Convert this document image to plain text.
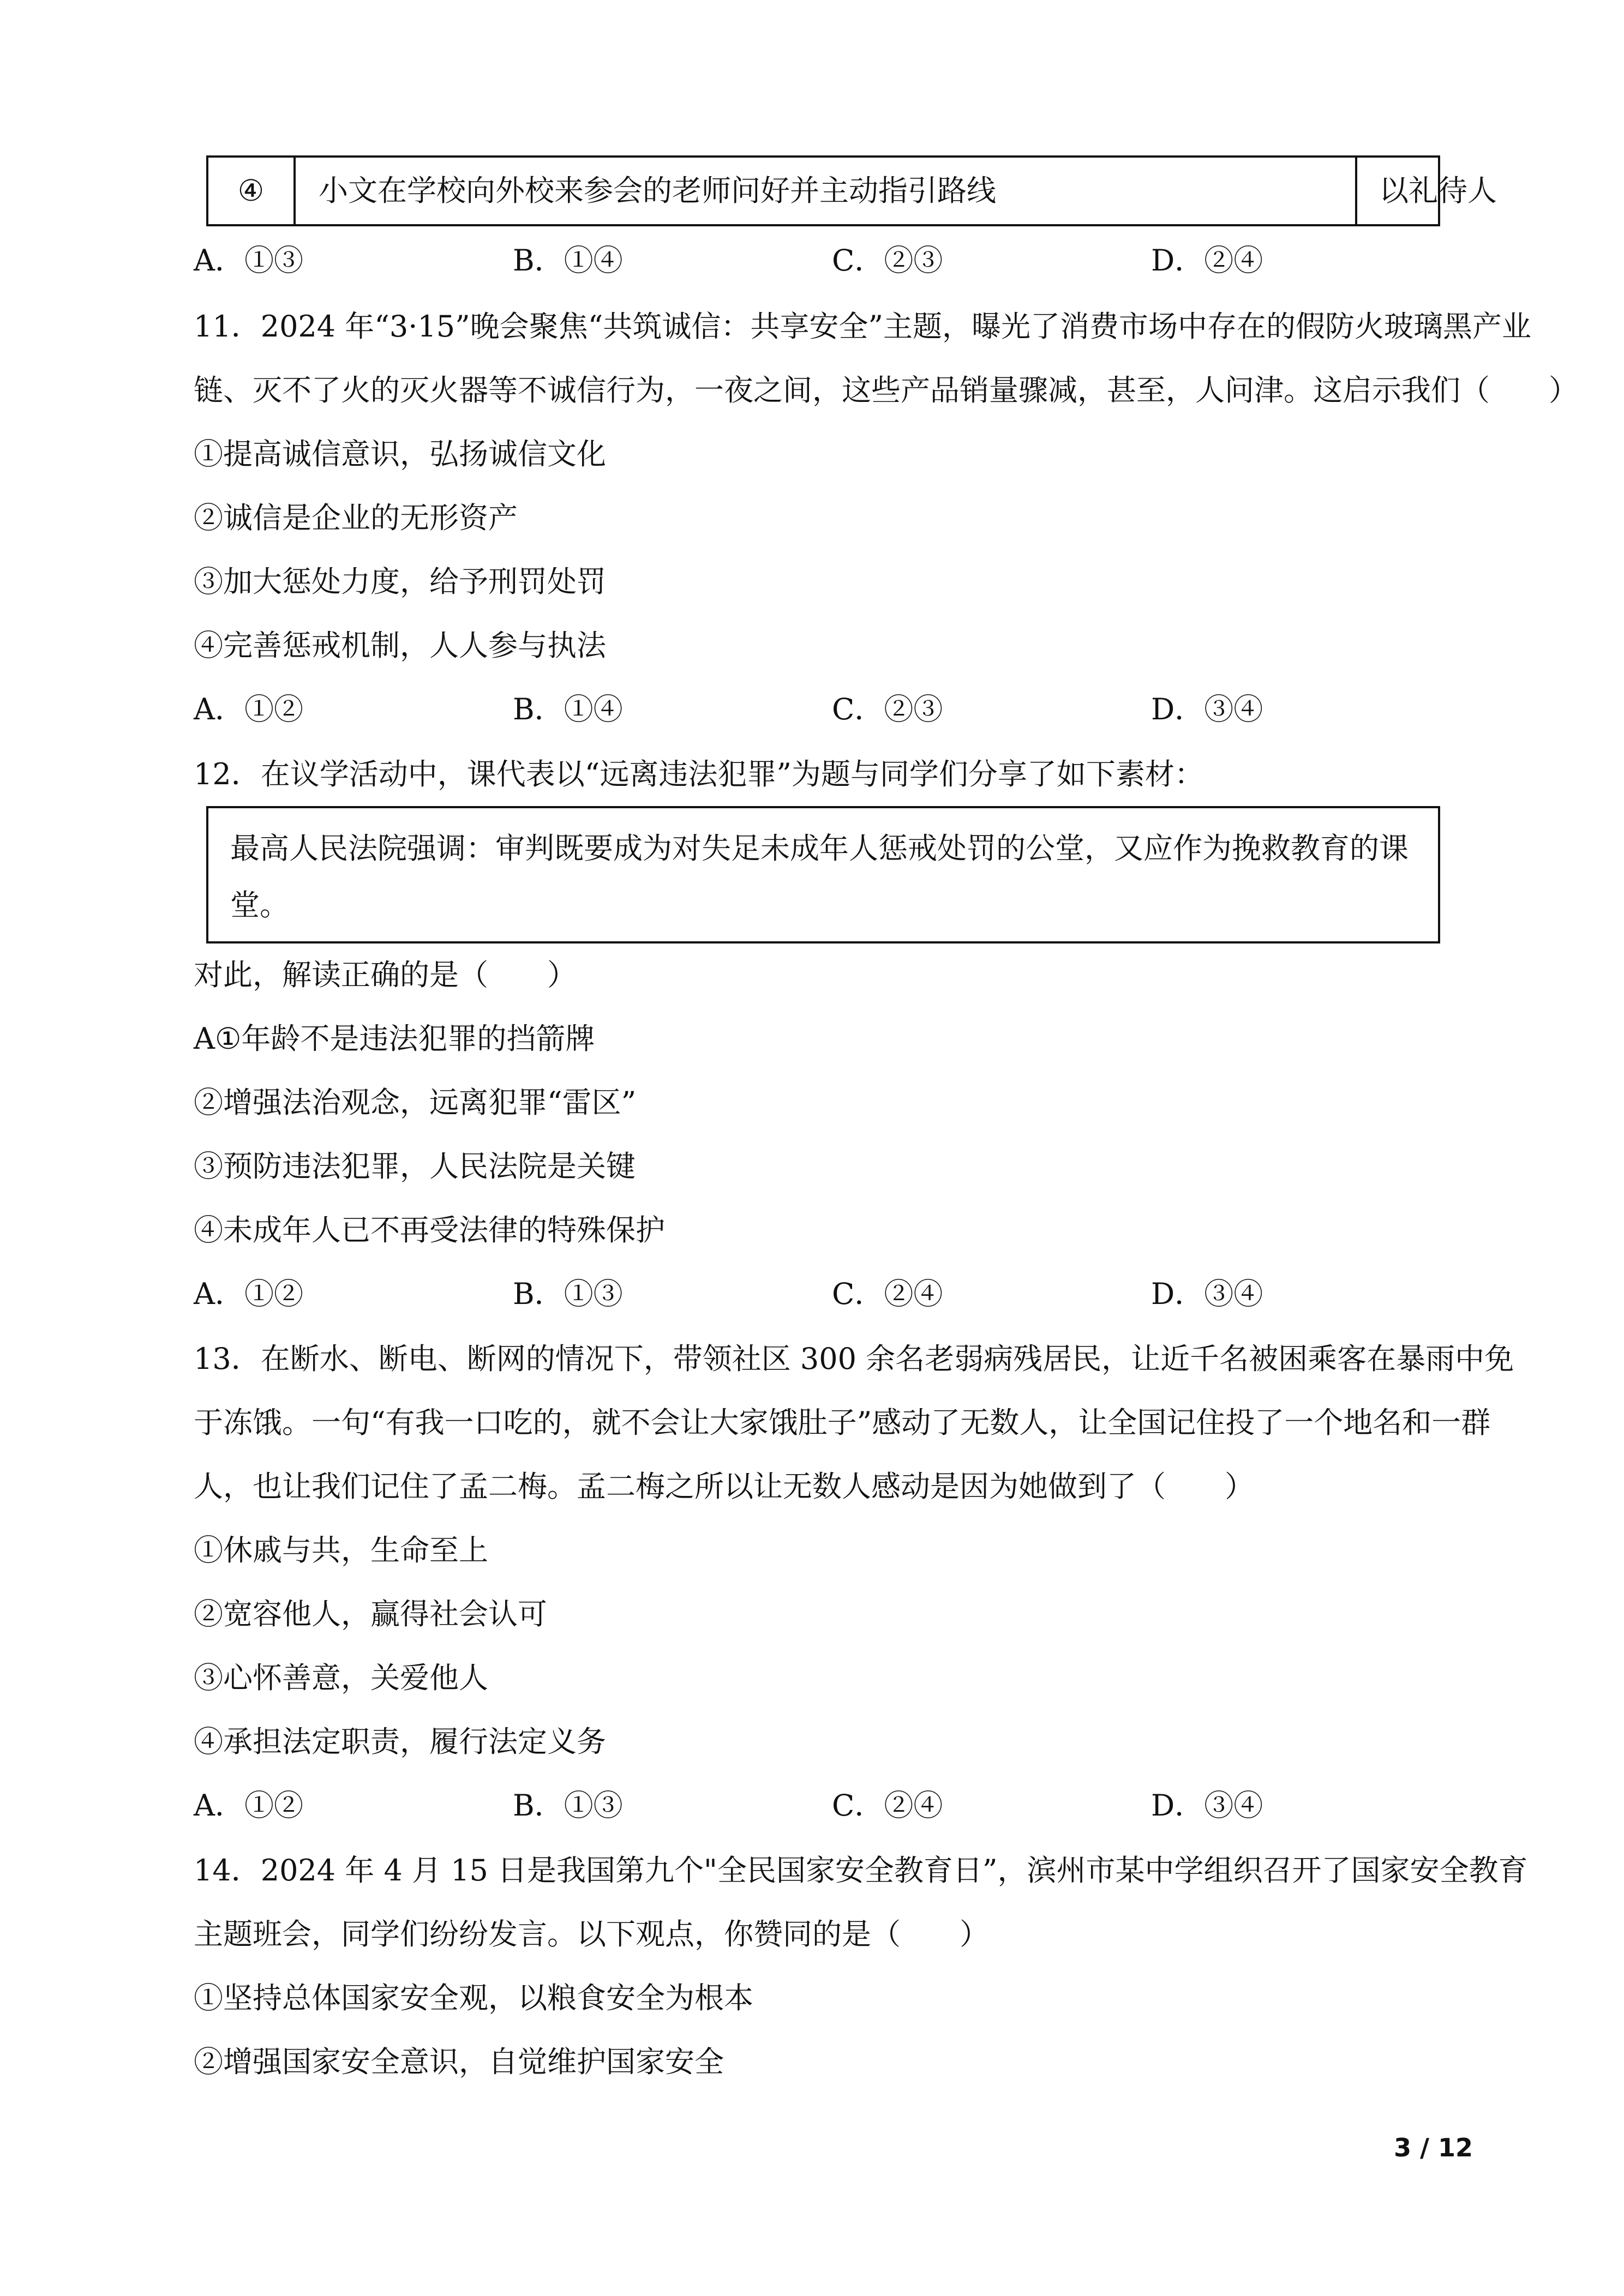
④	小文在学校向外校来参会的老师问好并主动指引路线	以礼待人
A．①③	B．①④	C．②③	D．②④

11．2024 年“3·15”晚会聚焦“共筑诚信：共享安全”主题，曝光了消费市场中存在的假防火玻璃黑产业

链、灭不了火的灭火器等不诚信行为，一夜之间，这些产品销量骤减，甚至，人问津。这启示我们（　　）

①提高诚信意识，弘扬诚信文化

②诚信是企业的无形资产

③加大惩处力度，给予刑罚处罚

④完善惩戒机制，人人参与执法

A．①②	B．①④	C．②③	D．③④

12．在议学活动中，课代表以“远离违法犯罪”为题与同学们分享了如下素材：

最高人民法院强调：审判既要成为对失足未成年人惩戒处罚的公堂，又应作为挽救教育的课
堂。

对此，解读正确的是（　　）

A①年龄不是违法犯罪的挡箭牌

②增强法治观念，远离犯罪“雷区”

③预防违法犯罪，人民法院是关键

④未成年人已不再受法律的特殊保护

A．①②	B．①③	C．②④	D．③④

13．在断水、断电、断网的情况下，带领社区 300 余名老弱病残居民，让近千名被困乘客在暴雨中免

于冻饿。一句“有我一口吃的，就不会让大家饿肚子”感动了无数人，让全国记住投了一个地名和一群

人，也让我们记住了孟二梅。孟二梅之所以让无数人感动是因为她做到了（　　）

①休戚与共，生命至上

②宽容他人，赢得社会认可

③心怀善意，关爱他人

④承担法定职责，履行法定义务

A．①②	B．①③	C．②④	D．③④

14．2024 年 4 月 15 日是我国第九个"全民国家安全教育日”，滨州市某中学组织召开了国家安全教育

主题班会，同学们纷纷发言。以下观点，你赞同的是（　　）

①坚持总体国家安全观，以粮食安全为根本

②增强国家安全意识，自觉维护国家安全

3 / 12
